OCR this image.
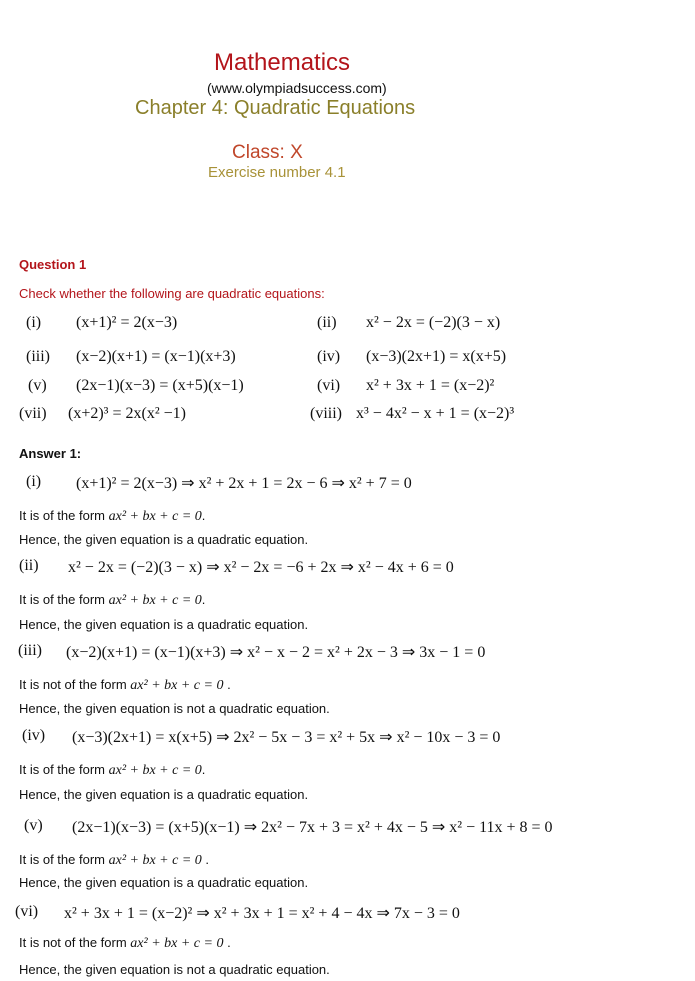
Mathematics
(www.olympiadsuccess.com)
Chapter 4: Quadratic Equations
Class: X
Exercise number 4.1
Question 1
Check whether the following are quadratic equations:
(i) (x+1)² = 2(x−3)	(ii) x² − 2x = (−2)(3 − x)
(iii) (x−2)(x+1) = (x−1)(x+3)	(iv) (x−3)(2x+1) = x(x+5)
(v) (2x−1)(x−3) = (x+5)(x−1)	(vi) x² + 3x + 1 = (x−2)²
(vii) (x+2)³ = 2x(x² −1)	(viii) x³ − 4x² − x + 1 = (x−2)³
Answer 1:
(i) (x+1)² = 2(x−3) ⇒ x² + 2x + 1 = 2x − 6 ⇒ x² + 7 = 0
It is of the form ax² + bx + c = 0.
Hence, the given equation is a quadratic equation.
(ii) x² − 2x = (−2)(3 − x) ⇒ x² − 2x = −6 + 2x ⇒ x² − 4x + 6 = 0
It is of the form ax² + bx + c = 0.
Hence, the given equation is a quadratic equation.
(iii) (x−2)(x+1) = (x−1)(x+3) ⇒ x² − x − 2 = x² + 2x − 3 ⇒ 3x − 1 = 0
It is not of the form ax² + bx + c = 0 .
Hence, the given equation is not a quadratic equation.
(iv) (x−3)(2x+1) = x(x+5) ⇒ 2x² − 5x − 3 = x² + 5x ⇒ x² − 10x − 3 = 0
It is of the form ax² + bx + c = 0.
Hence, the given equation is a quadratic equation.
(v) (2x−1)(x−3) = (x+5)(x−1) ⇒ 2x² − 7x + 3 = x² + 4x − 5 ⇒ x² − 11x + 8 = 0
It is of the form ax² + bx + c = 0 .
Hence, the given equation is a quadratic equation.
(vi) x² + 3x + 1 = (x−2)² ⇒ x² + 3x + 1 = x² + 4 − 4x ⇒ 7x − 3 = 0
It is not of the form ax² + bx + c = 0 .
Hence, the given equation is not a quadratic equation.
